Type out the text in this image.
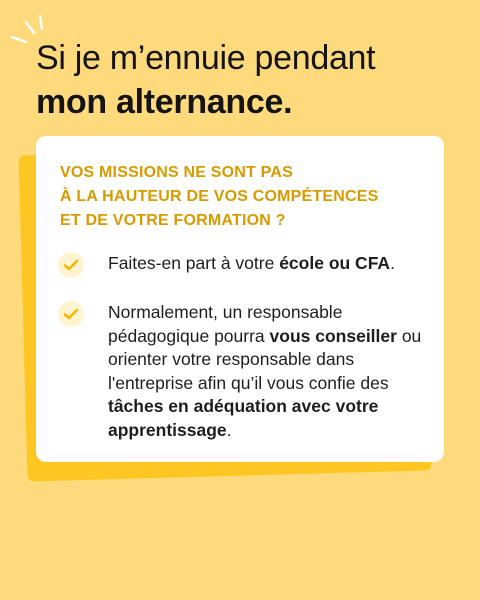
Si je m’ennuie pendant
mon alternance.
VOS MISSIONS NE SONT PAS
À LA HAUTEUR DE VOS COMPÉTENCES
ET DE VOTRE FORMATION ?
Faites-en part à votre école ou CFA.
Normalement, un responsable pédagogique pourra vous conseiller ou orienter votre responsable dans l'entreprise afin qu’il vous confie des tâches en adéquation avec votre apprentissage.
